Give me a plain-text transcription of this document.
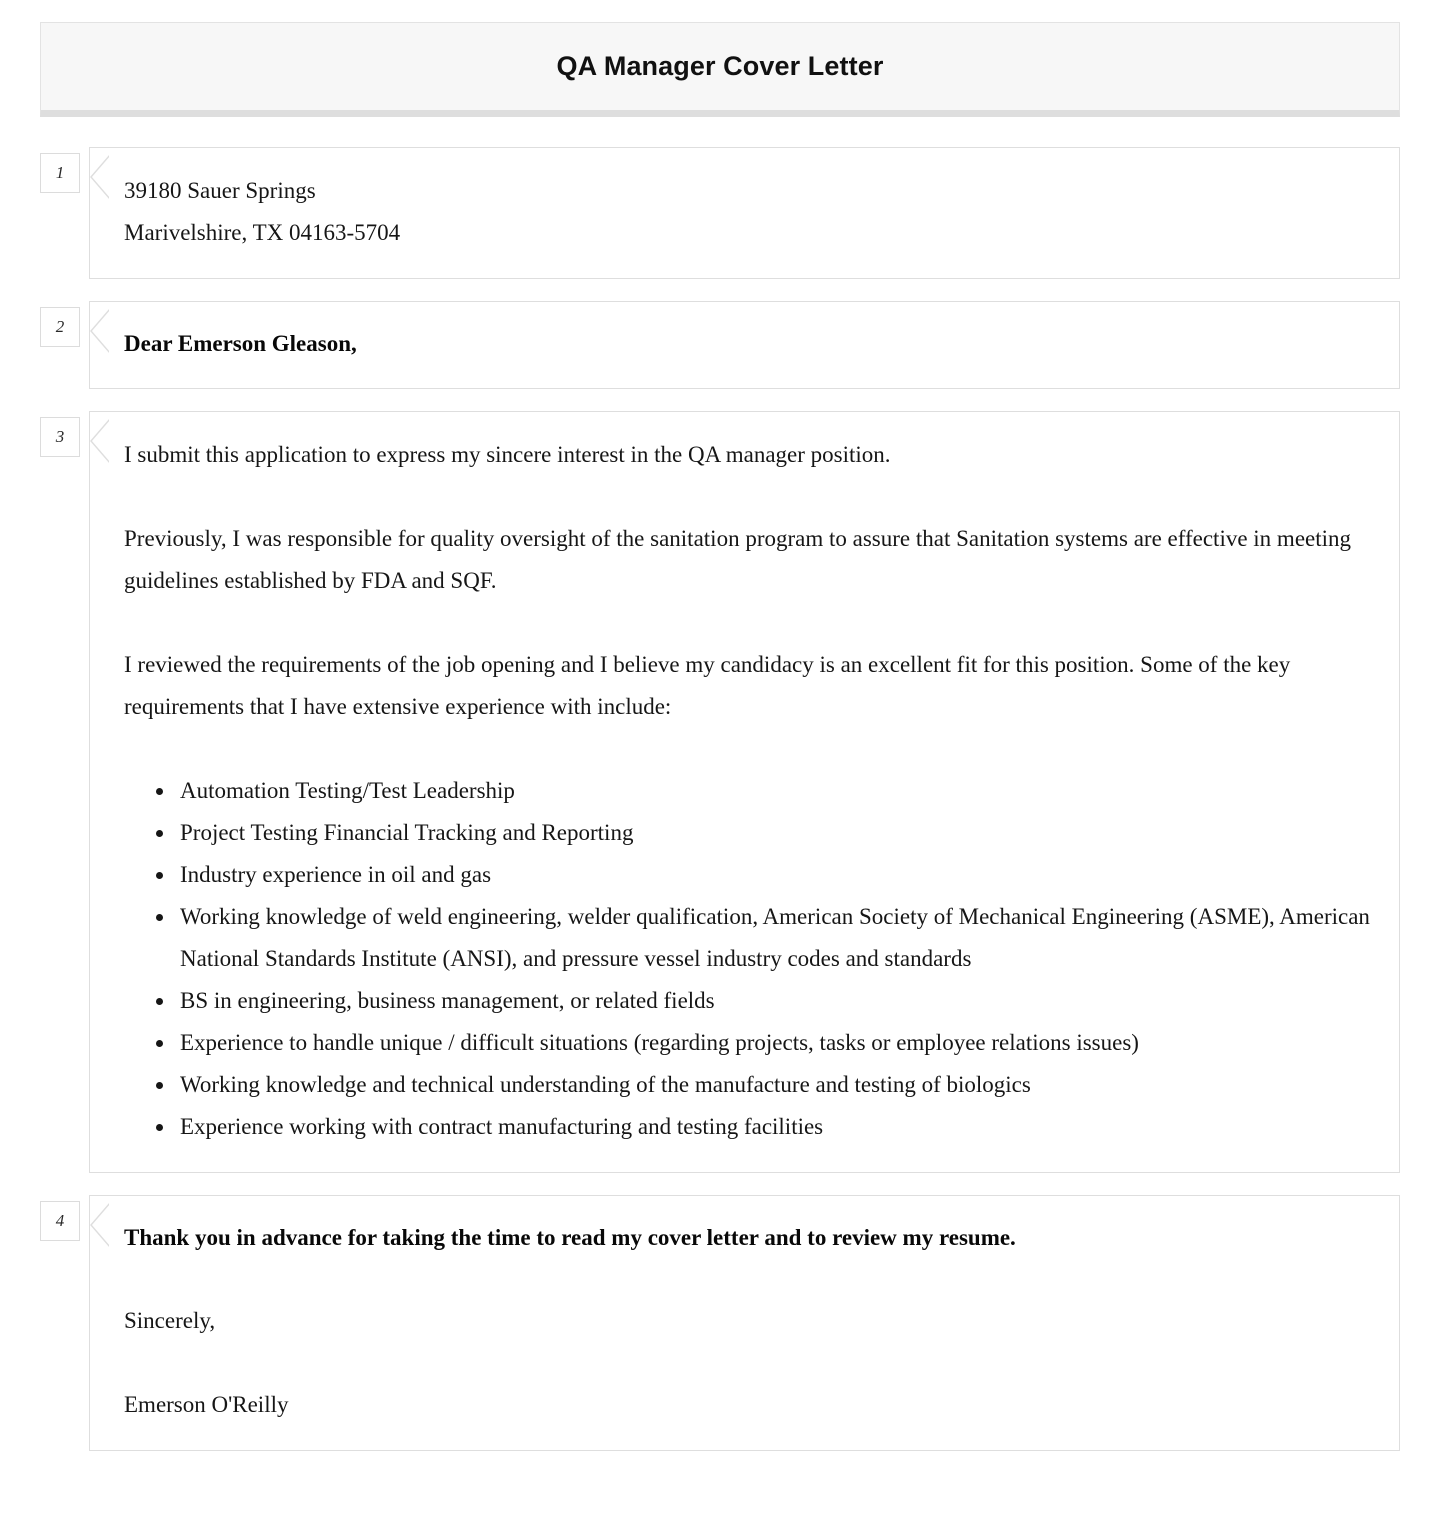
QA Manager Cover Letter
1
39180 Sauer Springs
Marivelshire, TX 04163-5704
2
Dear Emerson Gleason,
3

I submit this application to express my sincere interest in the QA manager position.

Previously, I was responsible for quality oversight of the sanitation program to assure that Sanitation systems are effective in meeting guidelines established by FDA and SQF.

I reviewed the requirements of the job opening and I believe my candidacy is an excellent fit for this position. Some of the key requirements that I have extensive experience with include:

• Automation Testing/Test Leadership
• Project Testing Financial Tracking and Reporting
• Industry experience in oil and gas
• Working knowledge of weld engineering, welder qualification, American Society of Mechanical Engineering (ASME), American National Standards Institute (ANSI), and pressure vessel industry codes and standards
• BS in engineering, business management, or related fields
• Experience to handle unique / difficult situations (regarding projects, tasks or employee relations issues)
• Working knowledge and technical understanding of the manufacture and testing of biologics
• Experience working with contract manufacturing and testing facilities
4

Thank you in advance for taking the time to read my cover letter and to review my resume.

Sincerely,

Emerson O'Reilly
